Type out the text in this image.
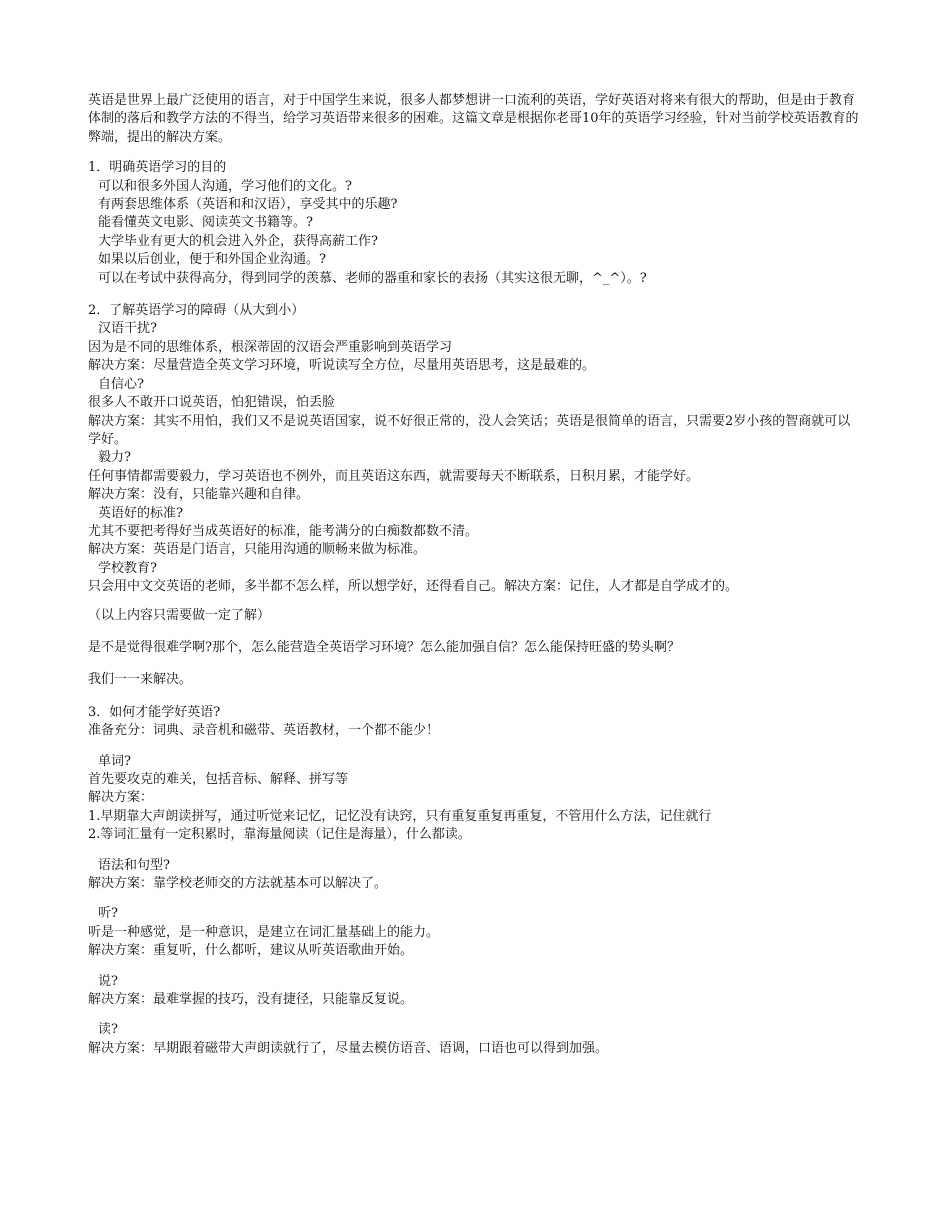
英语是世界上最广泛使用的语言，对于中国学生来说，很多人都梦想讲一口流利的英语，学好英语对将来有很大的帮助，但是由于教育体制的落后和教学方法的不得当，给学习英语带来很多的困难。这篇文章是根据你老哥10年的英语学习经验，针对当前学校英语教育的弊端，提出的解决方案。

1．明确英语学习的目的

可以和很多外国人沟通，学习他们的文化。?

有两套思维体系（英语和和汉语），享受其中的乐趣?

能看懂英文电影、阅读英文书籍等。?

大学毕业有更大的机会进入外企，获得高薪工作?

如果以后创业，便于和外国企业沟通。?

可以在考试中获得高分，得到同学的羡慕、老师的器重和家长的表扬（其实这很无聊，^_^）。?

2．了解英语学习的障碍（从大到小）

汉语干扰?

因为是不同的思维体系，根深蒂固的汉语会严重影响到英语学习

解决方案：尽量营造全英文学习环境，听说读写全方位，尽量用英语思考，这是最难的。

自信心?

很多人不敢开口说英语，怕犯错误，怕丢脸

解决方案：其实不用怕，我们又不是说英语国家，说不好很正常的，没人会笑话；英语是很简单的语言，只需要2岁小孩的智商就可以学好。

毅力?

任何事情都需要毅力，学习英语也不例外，而且英语这东西，就需要每天不断联系，日积月累，才能学好。

解决方案：没有，只能靠兴趣和自律。

英语好的标准?

尤其不要把考得好当成英语好的标准，能考满分的白痴数都数不清。

解决方案：英语是门语言，只能用沟通的顺畅来做为标准。

学校教育?

只会用中文交英语的老师，多半都不怎么样，所以想学好，还得看自己。解决方案：记住，人才都是自学成才的。

（以上内容只需要做一定了解）

是不是觉得很难学啊?那个，怎么能营造全英语学习环境？怎么能加强自信？怎么能保持旺盛的势头啊？

我们一一来解决。

3．如何才能学好英语?

准备充分：词典、录音机和磁带、英语教材，一个都不能少！

单词?

首先要攻克的难关，包括音标、解释、拼写等

解决方案：

1.早期靠大声朗读拼写，通过听觉来记忆，记忆没有诀窍，只有重复重复再重复，不管用什么方法，记住就行

2.等词汇量有一定积累时，靠海量阅读（记住是海量），什么都读。

语法和句型?

解决方案：靠学校老师交的方法就基本可以解决了。

听?

听是一种感觉，是一种意识，是建立在词汇量基础上的能力。

解决方案：重复听，什么都听，建议从听英语歌曲开始。

说?

解决方案：最难掌握的技巧，没有捷径，只能靠反复说。

读?

解决方案：早期跟着磁带大声朗读就行了，尽量去模仿语音、语调，口语也可以得到加强。
